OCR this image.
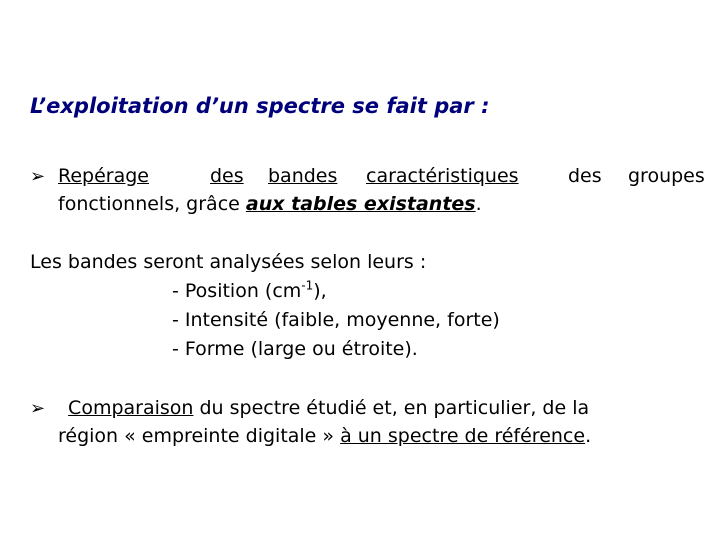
L’exploitation d’un spectre se fait par :
➢ Repérage	des bandes caractéristiques	des groupes
fonctionnels, grâce aux tables existantes.
Les bandes seront analysées selon leurs :
- Position $(cm^{-1})$,
- Intensité (faible, moyenne, forte)
- Forme (large ou étroite).
➢ Comparaison du spectre étudié et, en particulier, de la
région « empreinte digitale » à un spectre de référence.
